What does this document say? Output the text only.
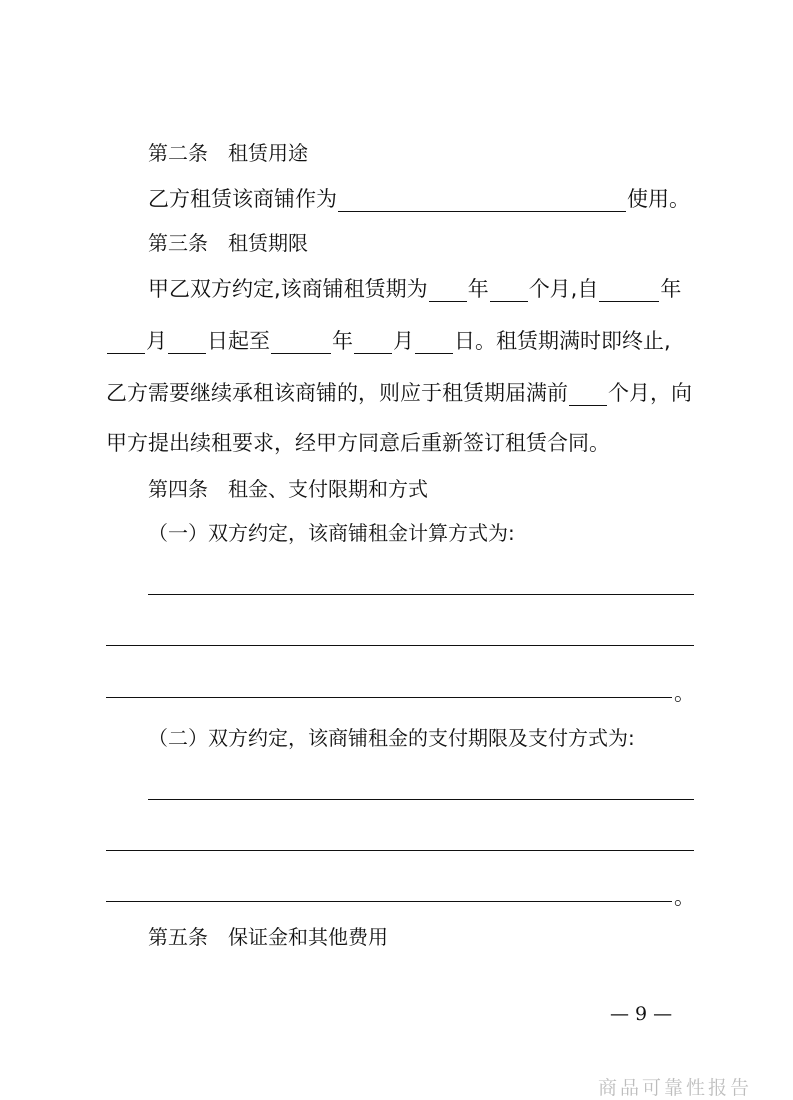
第二条　租赁用途
乙方租赁该商铺作为	使用。
第三条　租赁期限
甲乙双方约定,该商铺租赁期为 年 个月,自	年
月 日起至	年 月 日。租赁期满时即终止,
乙方需要继续承租该商铺的，则应于租赁期届满前 个月，向
甲方提出续租要求，经甲方同意后重新签订租赁合同。
第四条　租金、支付限期和方式
（一）双方约定，该商铺租金计算方式为:
。
（二）双方约定，该商铺租金的支付期限及支付方式为:
。
第五条　保证金和其他费用
— 9 —
商品可靠性报告
